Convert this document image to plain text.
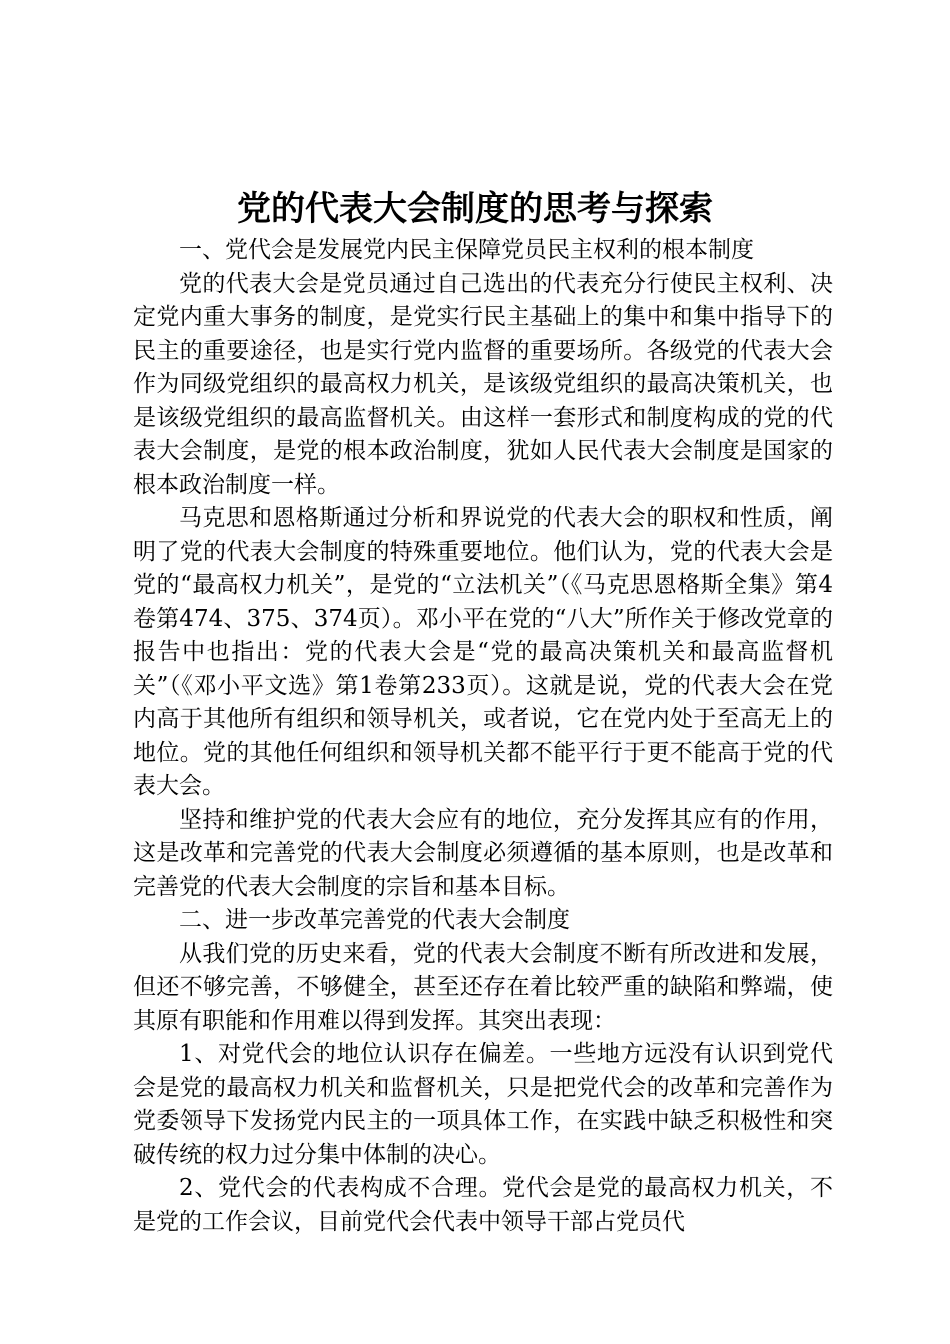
党的代表大会制度的思考与探索

一、党代会是发展党内民主保障党员民主权利的根本制度

党的代表大会是党员通过自己选出的代表充分行使民主权利、决定党内重大事务的制度，是党实行民主基础上的集中和集中指导下的民主的重要途径，也是实行党内监督的重要场所。各级党的代表大会作为同级党组织的最高权力机关，是该级党组织的最高决策机关，也是该级党组织的最高监督机关。由这样一套形式和制度构成的党的代表大会制度，是党的根本政治制度，犹如人民代表大会制度是国家的根本政治制度一样。

马克思和恩格斯通过分析和界说党的代表大会的职权和性质，阐明了党的代表大会制度的特殊重要地位。他们认为，党的代表大会是党的“最高权力机关”，是党的“立法机关”（《马克思恩格斯全集》第4卷第474、375、374页）。邓小平在党的“八大”所作关于修改党章的报告中也指出：党的代表大会是“党的最高决策机关和最高监督机关”（《邓小平文选》第1卷第233页）。这就是说，党的代表大会在党内高于其他所有组织和领导机关，或者说，它在党内处于至高无上的地位。党的其他任何组织和领导机关都不能平行于更不能高于党的代表大会。

坚持和维护党的代表大会应有的地位，充分发挥其应有的作用，这是改革和完善党的代表大会制度必须遵循的基本原则，也是改革和完善党的代表大会制度的宗旨和基本目标。

二、进一步改革完善党的代表大会制度

从我们党的历史来看，党的代表大会制度不断有所改进和发展，但还不够完善，不够健全，甚至还存在着比较严重的缺陷和弊端，使其原有职能和作用难以得到发挥。其突出表现：

1、对党代会的地位认识存在偏差。一些地方远没有认识到党代会是党的最高权力机关和监督机关，只是把党代会的改革和完善作为党委领导下发扬党内民主的一项具体工作，在实践中缺乏积极性和突破传统的权力过分集中体制的决心。

2、党代会的代表构成不合理。党代会是党的最高权力机关，不是党的工作会议，目前党代会代表中领导干部占党员代
